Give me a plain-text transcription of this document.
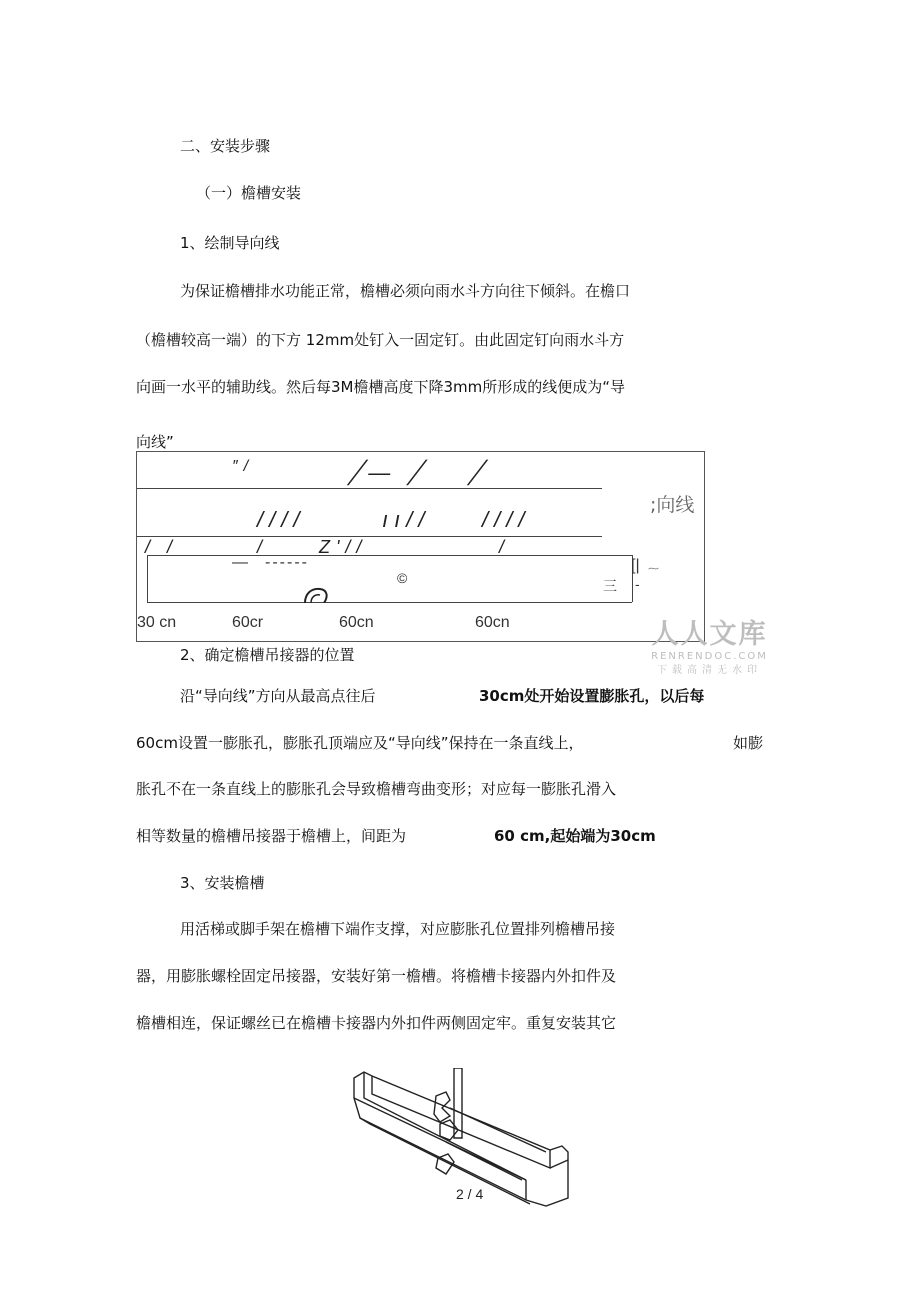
二、安装步骤
（一）檐槽安装
1、绘制导向线
为保证檐槽排水功能正常，檐槽必须向雨水斗方向往下倾斜。在檐口
（檐槽较高一端）的下方 12mm处钉入一固定钉。由此固定钉向雨水斗方
向画一水平的辅助线。然后每3M檐槽高度下降3mm所形成的线便成为“导
向线”
″/	╱— ╱ ╱
////	ıı// ////
/ /	/	Z'//	/
— ------
©	三 -
[|
30 cn	60cr	60cn	60cn
;向线
⁓
人人文库
RENRENDOC.COM
下载高清无水印
2、确定檐槽吊接器的位置
沿“导向线”方向从最高点往后	30cm处开始设置膨胀孔，以后每
60cm设置一膨胀孔，膨胀孔顶端应及“导向线”保持在一条直线上，	如膨
胀孔不在一条直线上的膨胀孔会导致檐槽弯曲变形；对应每一膨胀孔滑入
相等数量的檐槽吊接器于檐槽上，间距为	60 cm,起始端为30cm
3、安装檐槽
用活梯或脚手架在檐槽下端作支撑，对应膨胀孔位置排列檐槽吊接
器，用膨胀螺栓固定吊接器，安装好第一檐槽。将檐槽卡接器内外扣件及
檐槽相连，保证螺丝已在檐槽卡接器内外扣件两侧固定牢。重复安装其它
2 / 4
